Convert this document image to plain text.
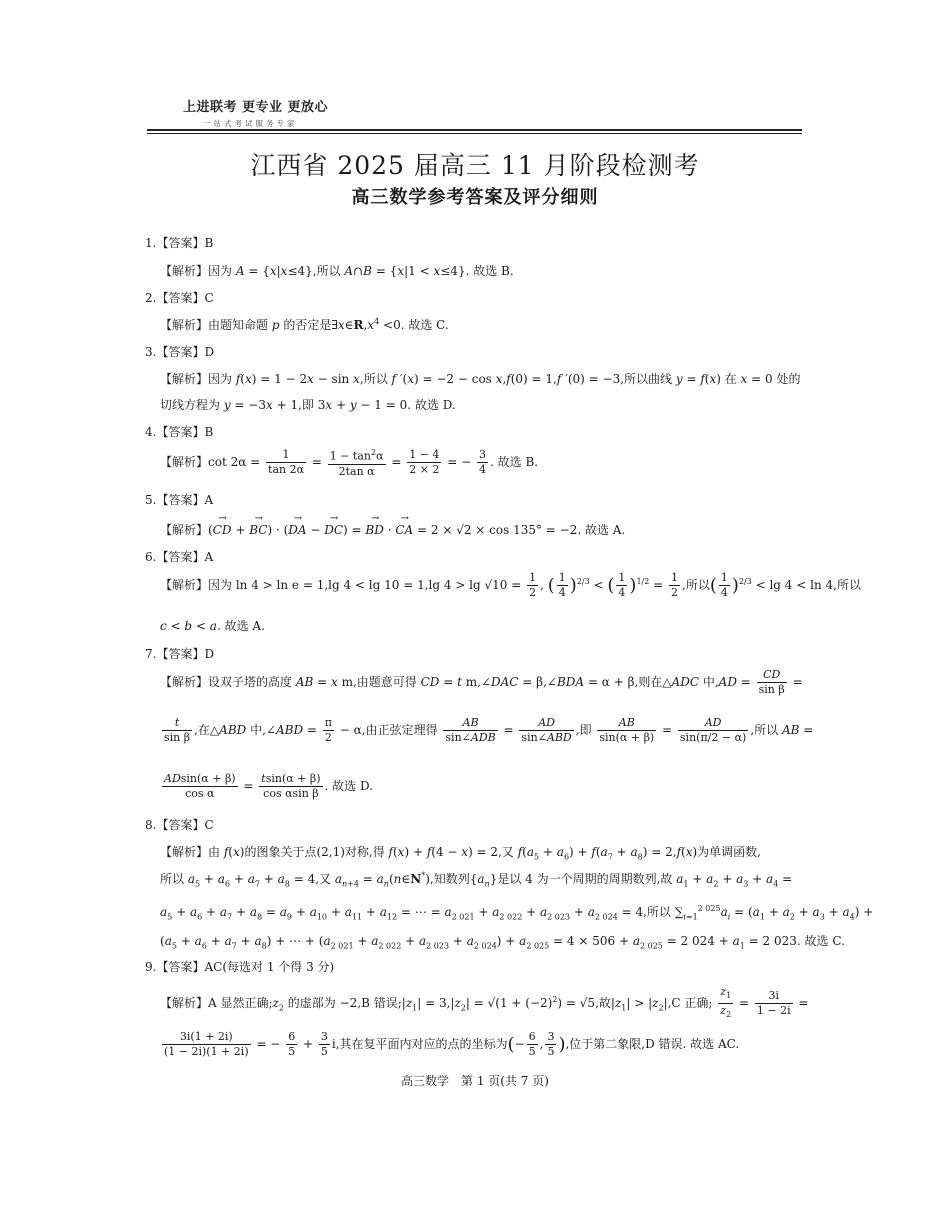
上进联考 更专业 更放心
一站式考试服务专家
江西省 2025 届高三 11 月阶段检测考
高三数学参考答案及评分细则
1.【答案】B
【解析】因为 A = {x|x≤4},所以 A∩B = {x|1 < x≤4}. 故选 B.
2.【答案】C
【解析】由题知命题 p 的否定是$\exists x\in R,x^4 <0$. 故选 C.
3.【答案】D
【解析】因为 f(x) = 1 − 2x − sin x,所以 f ′(x) = −2 − cos x,f(0) = 1,f ′(0) = −3,所以曲线 y = f(x) 在 x = 0 处的
切线方程为 y = −3x + 1,即 3x + y − 1 = 0. 故选 D.
4.【答案】B
【解析】$\cot 2\alpha = \frac{1}{\tan 2\alpha} = \frac{1 - \tan^2\alpha}{\text{2tan α}} = \frac{1 - 4}{2 \times 2}$ = − $\frac{3}{4}$ . 故选 B.
5.【答案】A
【解析】(→ CD + → BC) · (→ DA − → DC) = → BD · → CA = 2 × √2 × cos 135° = −2. 故选 A.
6.【答案】A
【解析】因为 ln 4 > ln e = 1,lg 4 < lg 10 = 1,lg $4 > \lg √10 = \frac{1}{2}$ , ( $\frac{1}{4} )^{2/3}$ < ( $\frac{1}{4} )^{1/2} = \frac{1}{2}$ ,所以( $\frac{1}{4} )^{2/3} < \lg 4 < \ln 4$,所以
c < b < a. 故选 A.
7.【答案】D
【解析】设双子塔的高度 AB = x m,由题意可得 CD = t m,∠DAC = β,∠BDA = α + β,则在△ADC 中$,AD = \frac{CD}{\text{sin β}}$ =
$\frac{t}{\text{sin β}}$ ,在△ABD 中,∠ABD = $\frac{\pi}{2} - \alpha$,由正弦定理得 $\frac{AB}{\text{sin∠ADB}} = \frac{AD}{\text{sin∠ABD}}$ ,即 $\frac{AB}{\sin(\alpha + \beta)} = \frac{AD}{\sin(\pi/2 - \alpha)}$ ,所以 AB =
$\frac{ADsin(\alpha + \beta)}{\text{cos α}} = \frac{tsin(\alpha + \beta)}{\text{cos αsin β}}$ . 故选 D.
8.【答案】C
【解析】由 f(x)的图象关于点(2,1)对称,得 f(x) + f(4 − x) = 2,又 $f(a_5 + a_6) + f(a_7 + a_8) = 2,f(x)$为单调函数,
所以 $a_5 + a_6 + a_7 + a_8 = 4$,又 $a_{n+4}$ = $a_n(n\in N^*)$,知数列$\{a_n\}$是以 4 为一个周期的周期数列,故 $a_1 + a_2 + a_3 + a_4$ =
$a_5 + a_6 + a_7 + a_8 = a_9 + a_{10} + a_{11} + a_{12}$ = ⋯ = $a_{2 021} + a_{2 022} + a_{2 023} + a_{2 024} = 4$,所以 $\sum_{i=1}^{2 025}a_i = (a_1 + a_2 + a_3 + a_4)$ +
$(a_5 + a_6 + a_7 + a_8)$ + ⋯ + $(a_{2 021} + a_{2 022} + a_{2 023} + a_{2 024}) + a_{2 025} = 4 \times 506 + a_{2 025} = 2$ $024 + a_1 = 2$ 023. 故选 C.
9.【答案】AC(每选对 1 个得 3 分)
【解析】A 显然正确$;z_2$ 的虚部为 −2,B 错误$;|z_1| = 3,|z_2| = √(1 + (-2)^2) = √5$,故$|z_1| > |z_2|,C$ 正确; $\frac{z_1}{z_2} = \frac{3i}{1 - 2i}$ =
$\frac{3i(1 + 2i)}{(1 - 2i)(1 + 2i)}$ = − $\frac{6}{5} + \frac{3}{5} i$,其在复平面内对应的点的坐标为(− $\frac{6}{5}$ , $\frac{3}{5}$ ),位于第二象限,D 错误. 故选 AC.
高三数学　第 1 页(共 7 页)
